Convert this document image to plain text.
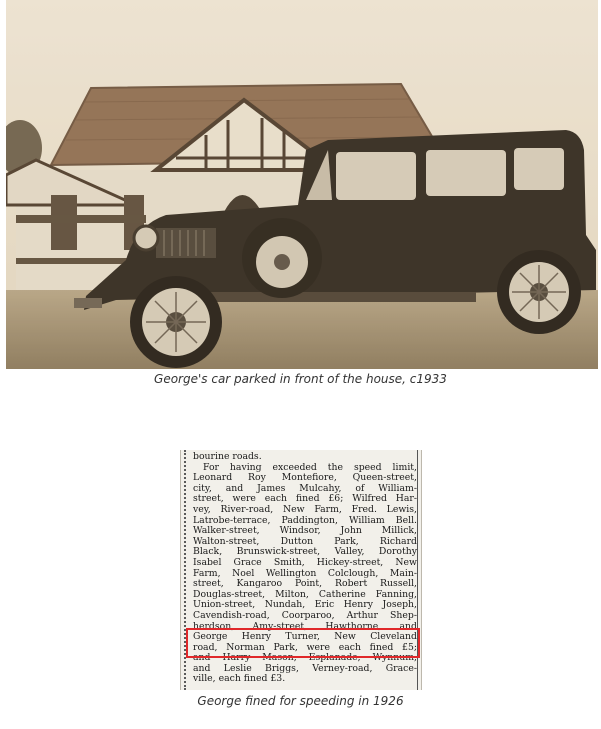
George's car parked in front of the house, c1933
bourine roads.
For having exceeded the speed limit,
Leonard Roy Montefiore, Queen-street,
city, and James Mulcahy, of William-
street, were each fined £6; Wilfred Har-
vey, River-road, New Farm, Fred. Lewis,
Latrobe-terrace, Paddington, William Bell.
Walker-street, Windsor, John Millick,
Walton-street, Dutton Park, Richard
Black, Brunswick-street, Valley, Dorothy
Isabel Grace Smith, Hickey-street, New
Farm, Noel Wellington Colclough, Main-
street, Kangaroo Point, Robert Russell,
Douglas-street, Milton, Catherine Fanning,
Union-street, Nundah, Eric Henry Joseph,
Cavendish-road, Coorparoo, Arthur Shep-
herdson, Amy-street, Hawthorne, and
George Henry Turner, New Cleveland
road, Norman Park, were each fined £5;
and Harry Mason, Esplanade, Wynnum,
and Leslie Briggs, Verney-road, Grace-
ville, each fined £3.
George fined for speeding in 1926
